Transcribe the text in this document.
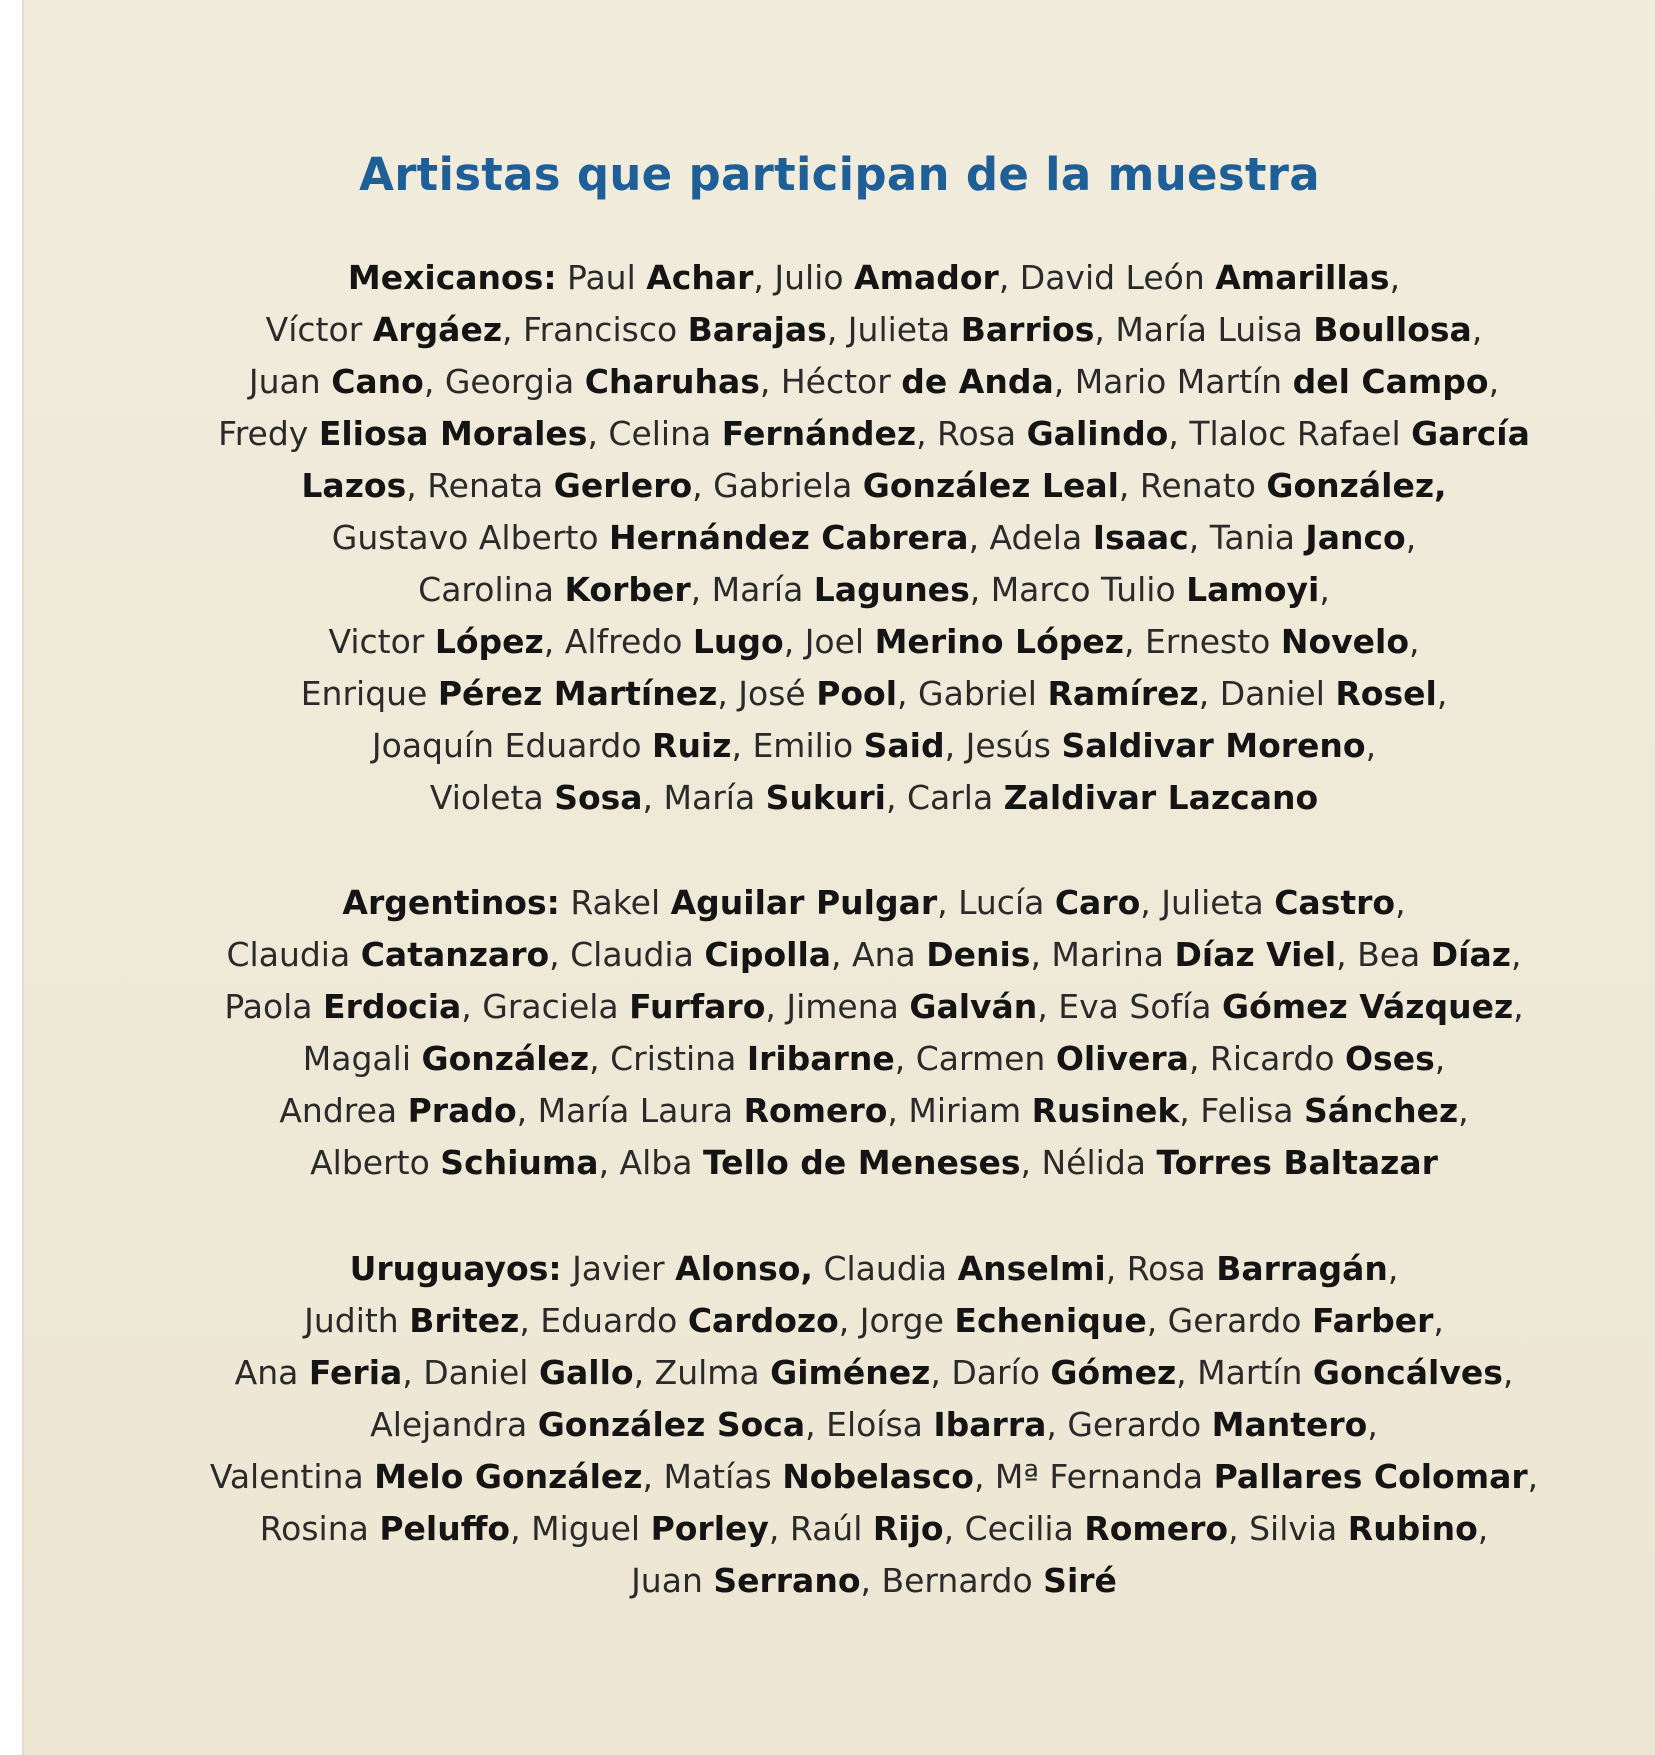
Artistas que participan de la muestra
Mexicanos: Paul Achar, Julio Amador, David León Amarillas,
Víctor Argáez, Francisco Barajas, Julieta Barrios, María Luisa Boullosa,
Juan Cano, Georgia Charuhas, Héctor de Anda, Mario Martín del Campo,
Fredy Eliosa Morales, Celina Fernández, Rosa Galindo, Tlaloc Rafael García
Lazos, Renata Gerlero, Gabriela González Leal, Renato González,
Gustavo Alberto Hernández Cabrera, Adela Isaac, Tania Janco,
Carolina Korber, María Lagunes, Marco Tulio Lamoyi,
Victor López, Alfredo Lugo, Joel Merino López, Ernesto Novelo,
Enrique Pérez Martínez, José Pool, Gabriel Ramírez, Daniel Rosel,
Joaquín Eduardo Ruiz, Emilio Said, Jesús Saldivar Moreno,
Violeta Sosa, María Sukuri, Carla Zaldivar Lazcano
Argentinos: Rakel Aguilar Pulgar, Lucía Caro, Julieta Castro,
Claudia Catanzaro, Claudia Cipolla, Ana Denis, Marina Díaz Viel, Bea Díaz,
Paola Erdocia, Graciela Furfaro, Jimena Galván, Eva Sofía Gómez Vázquez,
Magali González, Cristina Iribarne, Carmen Olivera, Ricardo Oses,
Andrea Prado, María Laura Romero, Miriam Rusinek, Felisa Sánchez,
Alberto Schiuma, Alba Tello de Meneses, Nélida Torres Baltazar
Uruguayos: Javier Alonso, Claudia Anselmi, Rosa Barragán,
Judith Britez, Eduardo Cardozo, Jorge Echenique, Gerardo Farber,
Ana Feria, Daniel Gallo, Zulma Giménez, Darío Gómez, Martín Goncálves,
Alejandra González Soca, Eloísa Ibarra, Gerardo Mantero,
Valentina Melo González, Matías Nobelasco, Mª Fernanda Pallares Colomar,
Rosina Peluffo, Miguel Porley, Raúl Rijo, Cecilia Romero, Silvia Rubino,
Juan Serrano, Bernardo Siré
